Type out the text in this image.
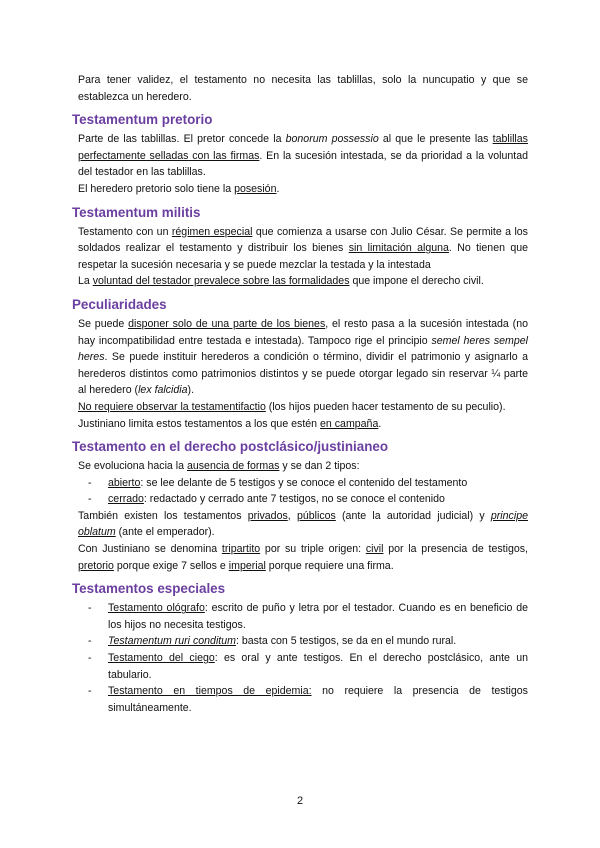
Para tener validez, el testamento no necesita las tablillas, solo la nuncupatio y que se establezca un heredero.

Testamentum pretorio

Parte de las tablillas. El pretor concede la bonorum possessio al que le presente las tablillas perfectamente selladas con las firmas. En la sucesión intestada, se da prioridad a la voluntad del testador en las tablillas.

El heredero pretorio solo tiene la posesión.

Testamentum militis

Testamento con un régimen especial que comienza a usarse con Julio César. Se permite a los soldados realizar el testamento y distribuir los bienes sin limitación alguna. No tienen que respetar la sucesión necesaria y se puede mezclar la testada y la intestada

La voluntad del testador prevalece sobre las formalidades que impone el derecho civil.

Peculiaridades

Se puede disponer solo de una parte de los bienes, el resto pasa a la sucesión intestada (no hay incompatibilidad entre testada e intestada). Tampoco rige el principio semel heres sempel heres. Se puede instituir herederos a condición o término, dividir el patrimonio y asignarlo a herederos distintos como patrimonios distintos y se puede otorgar legado sin reservar ¼ parte al heredero (lex falcidia).

No requiere observar la testamentifactio (los hijos pueden hacer testamento de su peculio).

Justiniano limita estos testamentos a los que estén en campaña.

Testamento en el derecho postclásico/justinianeo

Se evoluciona hacia la ausencia de formas y se dan 2 tipos:

- abierto: se lee delante de 5 testigos y se conoce el contenido del testamento
- cerrado: redactado y cerrado ante 7 testigos, no se conoce el contenido

También existen los testamentos privados, públicos (ante la autoridad judicial) y principe oblatum (ante el emperador).

Con Justiniano se denomina tripartito por su triple origen: civil por la presencia de testigos, pretorio porque exige 7 sellos e imperial porque requiere una firma.

Testamentos especiales
- Testamento ológrafo: escrito de puño y letra por el testador. Cuando es en beneficio de los hijos no necesita testigos.
- Testamentum ruri conditum: basta con 5 testigos, se da en el mundo rural.
- Testamento del ciego: es oral y ante testigos. En el derecho postclásico, ante un tabulario.
- Testamento en tiempos de epidemia: no requiere la presencia de testigos simultáneamente.
2
